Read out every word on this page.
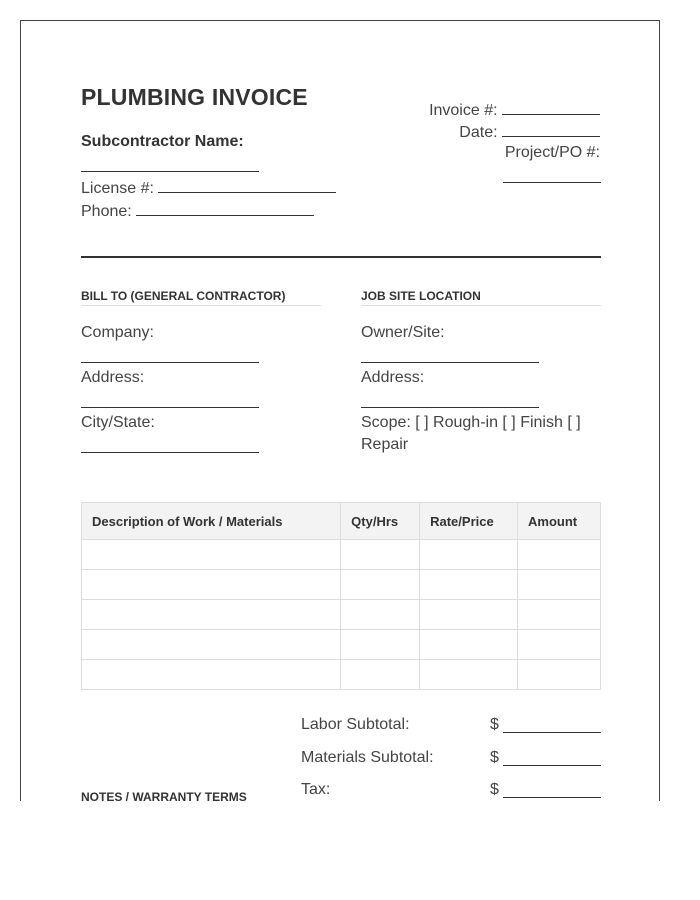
PLUMBING INVOICE
Subcontractor Name:
License #:
Phone:
Invoice #:
Date:
Project/PO #:
BILL TO (GENERAL CONTRACTOR)
Company:
Address:
City/State:
JOB SITE LOCATION
Owner/Site:
Address:
Scope: [ ] Rough-in [ ] Finish [ ]
Repair
Description of Work / Materials	Qty/Hrs	Rate/Price	Amount

Labor Subtotal:	$
Materials Subtotal:	$
Tax:	$
NOTES / WARRANTY TERMS
